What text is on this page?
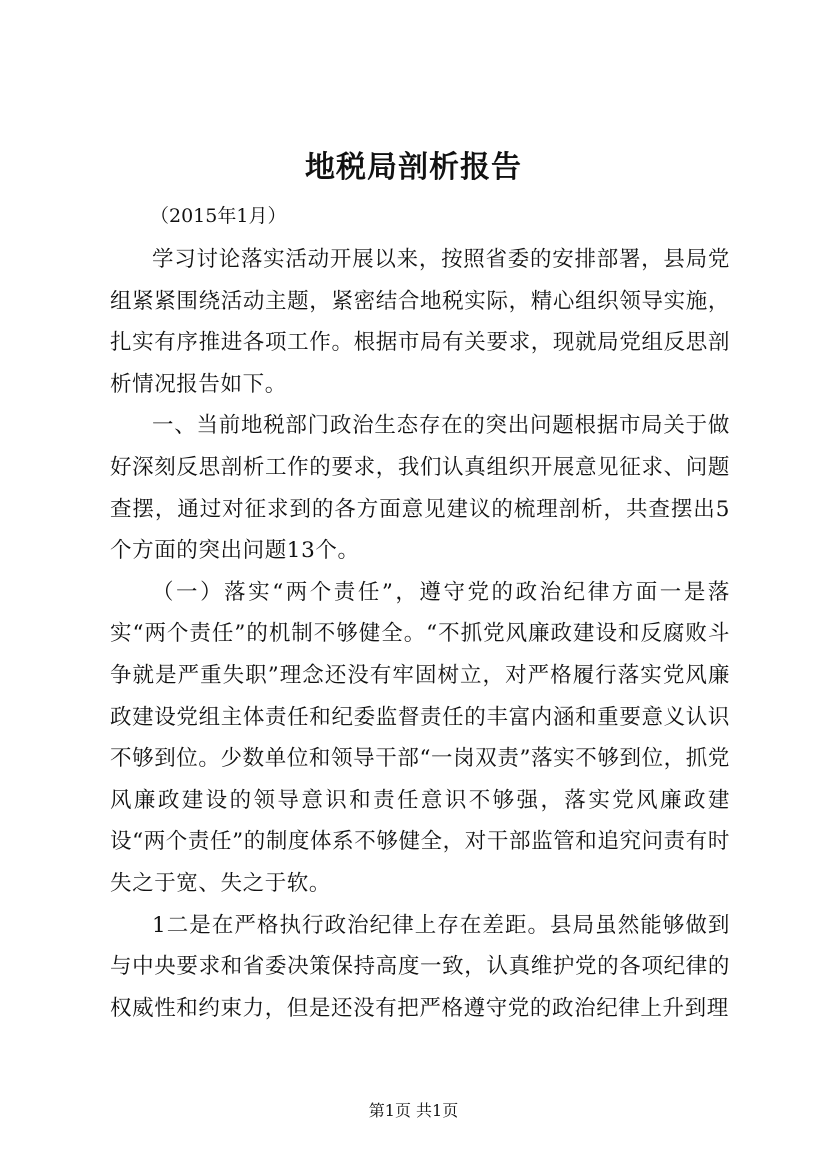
地税局剖析报告

（2015年1月）

学习讨论落实活动开展以来，按照省委的安排部署，县局党组紧紧围绕活动主题，紧密结合地税实际，精心组织领导实施，扎实有序推进各项工作。根据市局有关要求，现就局党组反思剖析情况报告如下。

一、当前地税部门政治生态存在的突出问题根据市局关于做好深刻反思剖析工作的要求，我们认真组织开展意见征求、问题查摆，通过对征求到的各方面意见建议的梳理剖析，共查摆出5个方面的突出问题13个。

（一）落实“两个责任”，遵守党的政治纪律方面一是落实“两个责任”的机制不够健全。“不抓党风廉政建设和反腐败斗争就是严重失职”理念还没有牢固树立，对严格履行落实党风廉政建设党组主体责任和纪委监督责任的丰富内涵和重要意义认识不够到位。少数单位和领导干部“一岗双责”落实不够到位，抓党风廉政建设的领导意识和责任意识不够强，落实党风廉政建设“两个责任”的制度体系不够健全，对干部监管和追究问责有时失之于宽、失之于软。

1二是在严格执行政治纪律上存在差距。县局虽然能够做到与中央要求和省委决策保持高度一致，认真维护党的各项纪律的权威性和约束力，但是还没有把严格遵守党的政治纪律上升到理

第1页 共1页
